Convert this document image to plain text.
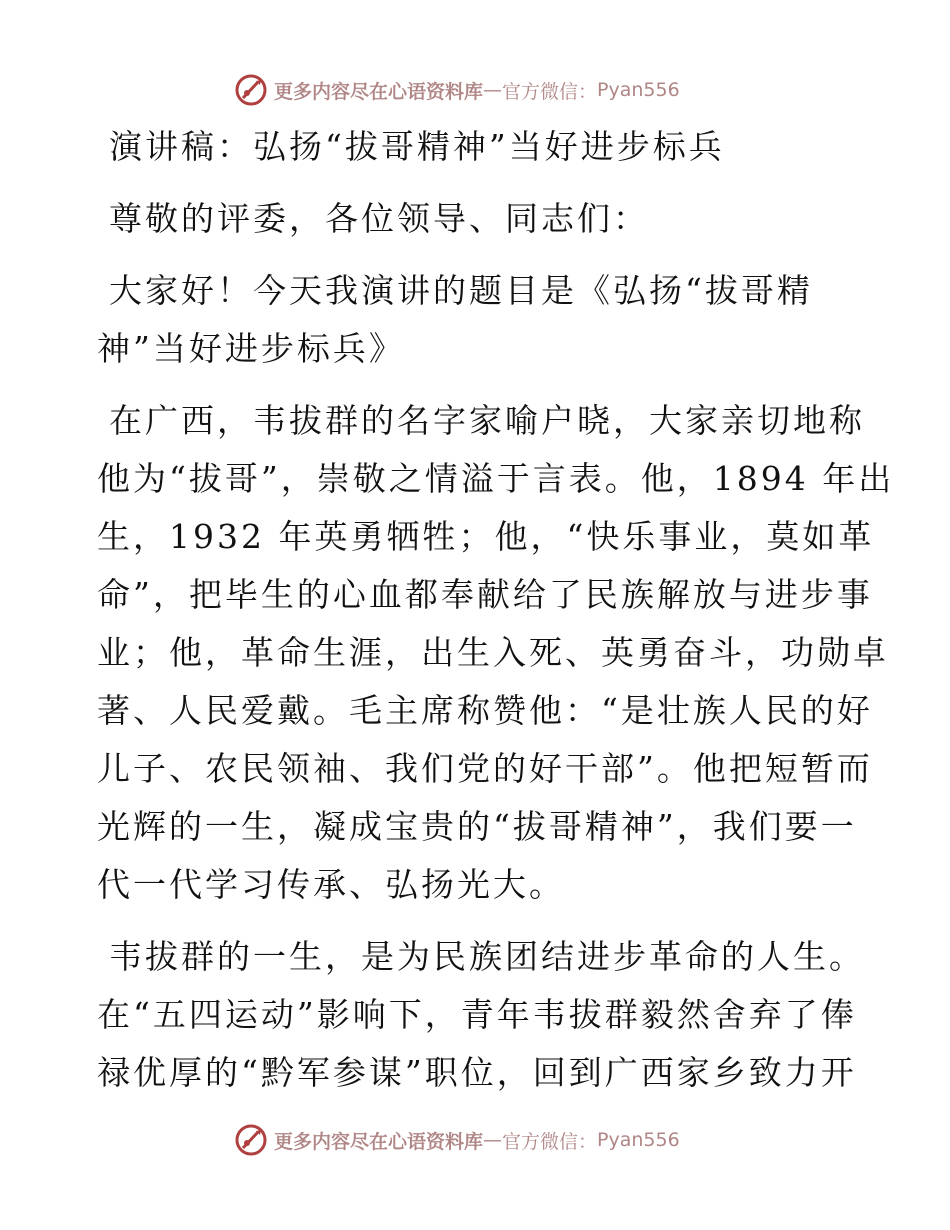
更多内容尽在心语资料库 — 官方微信： Pyan556
演讲稿：弘扬“拔哥精神”当好进步标兵
尊敬的评委，各位领导、同志们：
大家好！今天我演讲的题目是《弘扬“拔哥精
神”当好进步标兵》
在广西，韦拔群的名字家喻户晓，大家亲切地称
他为“拔哥”，崇敬之情溢于言表。他，1894 年出
生，1932 年英勇牺牲；他，“快乐事业，莫如革
命”，把毕生的心血都奉献给了民族解放与进步事
业；他，革命生涯，出生入死、英勇奋斗，功勋卓
著、人民爱戴。毛主席称赞他：“是壮族人民的好
儿子、农民领袖、我们党的好干部”。他把短暂而
光辉的一生，凝成宝贵的“拔哥精神”，我们要一
代一代学习传承、弘扬光大。
韦拔群的一生，是为民族团结进步革命的人生。
在“五四运动”影响下，青年韦拔群毅然舍弃了俸
禄优厚的“黔军参谋”职位，回到广西家乡致力开
更多内容尽在心语资料库 — 官方微信： Pyan556
